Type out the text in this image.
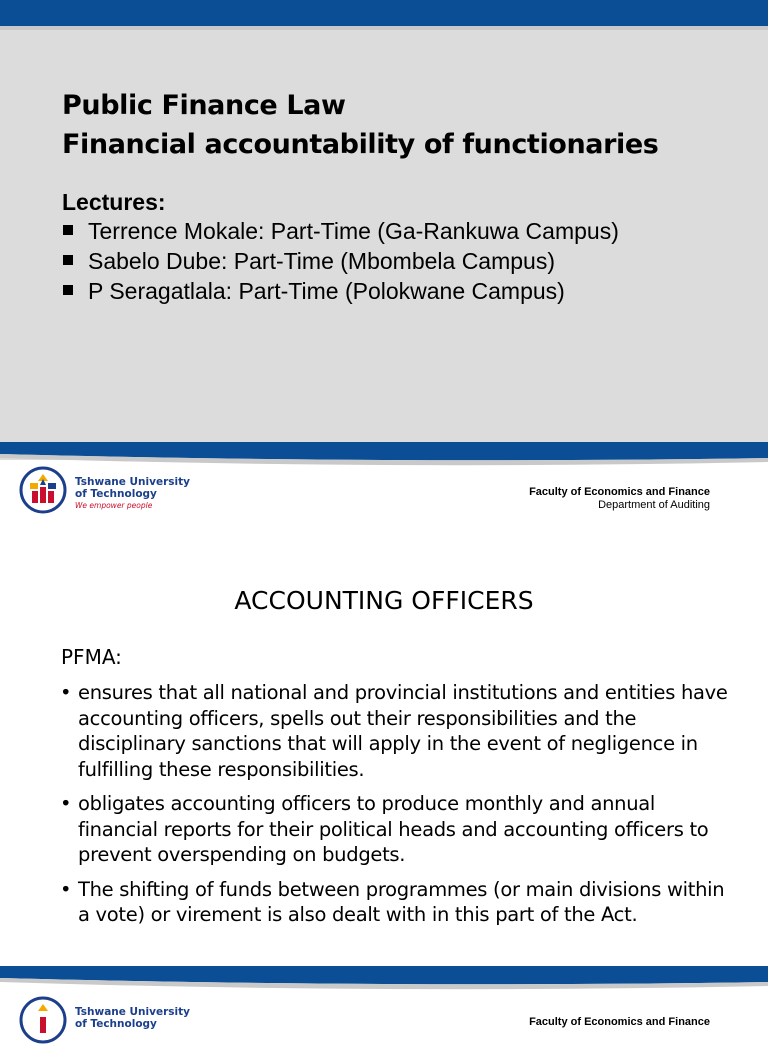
Public Finance Law
Financial accountability of functionaries
Lectures:
Terrence Mokale: Part-Time (Ga-Rankuwa Campus)
Sabelo Dube: Part-Time (Mbombela Campus)
P Seragatlala: Part-Time (Polokwane Campus)
Tshwane University
of Technology
We empower people
Faculty of Economics and Finance
Department of Auditing
ACCOUNTING OFFICERS
PFMA:
• ensures that all national and provincial institutions and entities have accounting officers, spells out their responsibilities and the disciplinary sanctions that will apply in the event of negligence in fulfilling these responsibilities.
• obligates accounting officers to produce monthly and annual financial reports for their political heads and accounting officers to prevent overspending on budgets.
• The shifting of funds between programmes (or main divisions within a vote) or virement is also dealt with in this part of the Act.
Tshwane University
of Technology	Faculty of Economics and Finance
